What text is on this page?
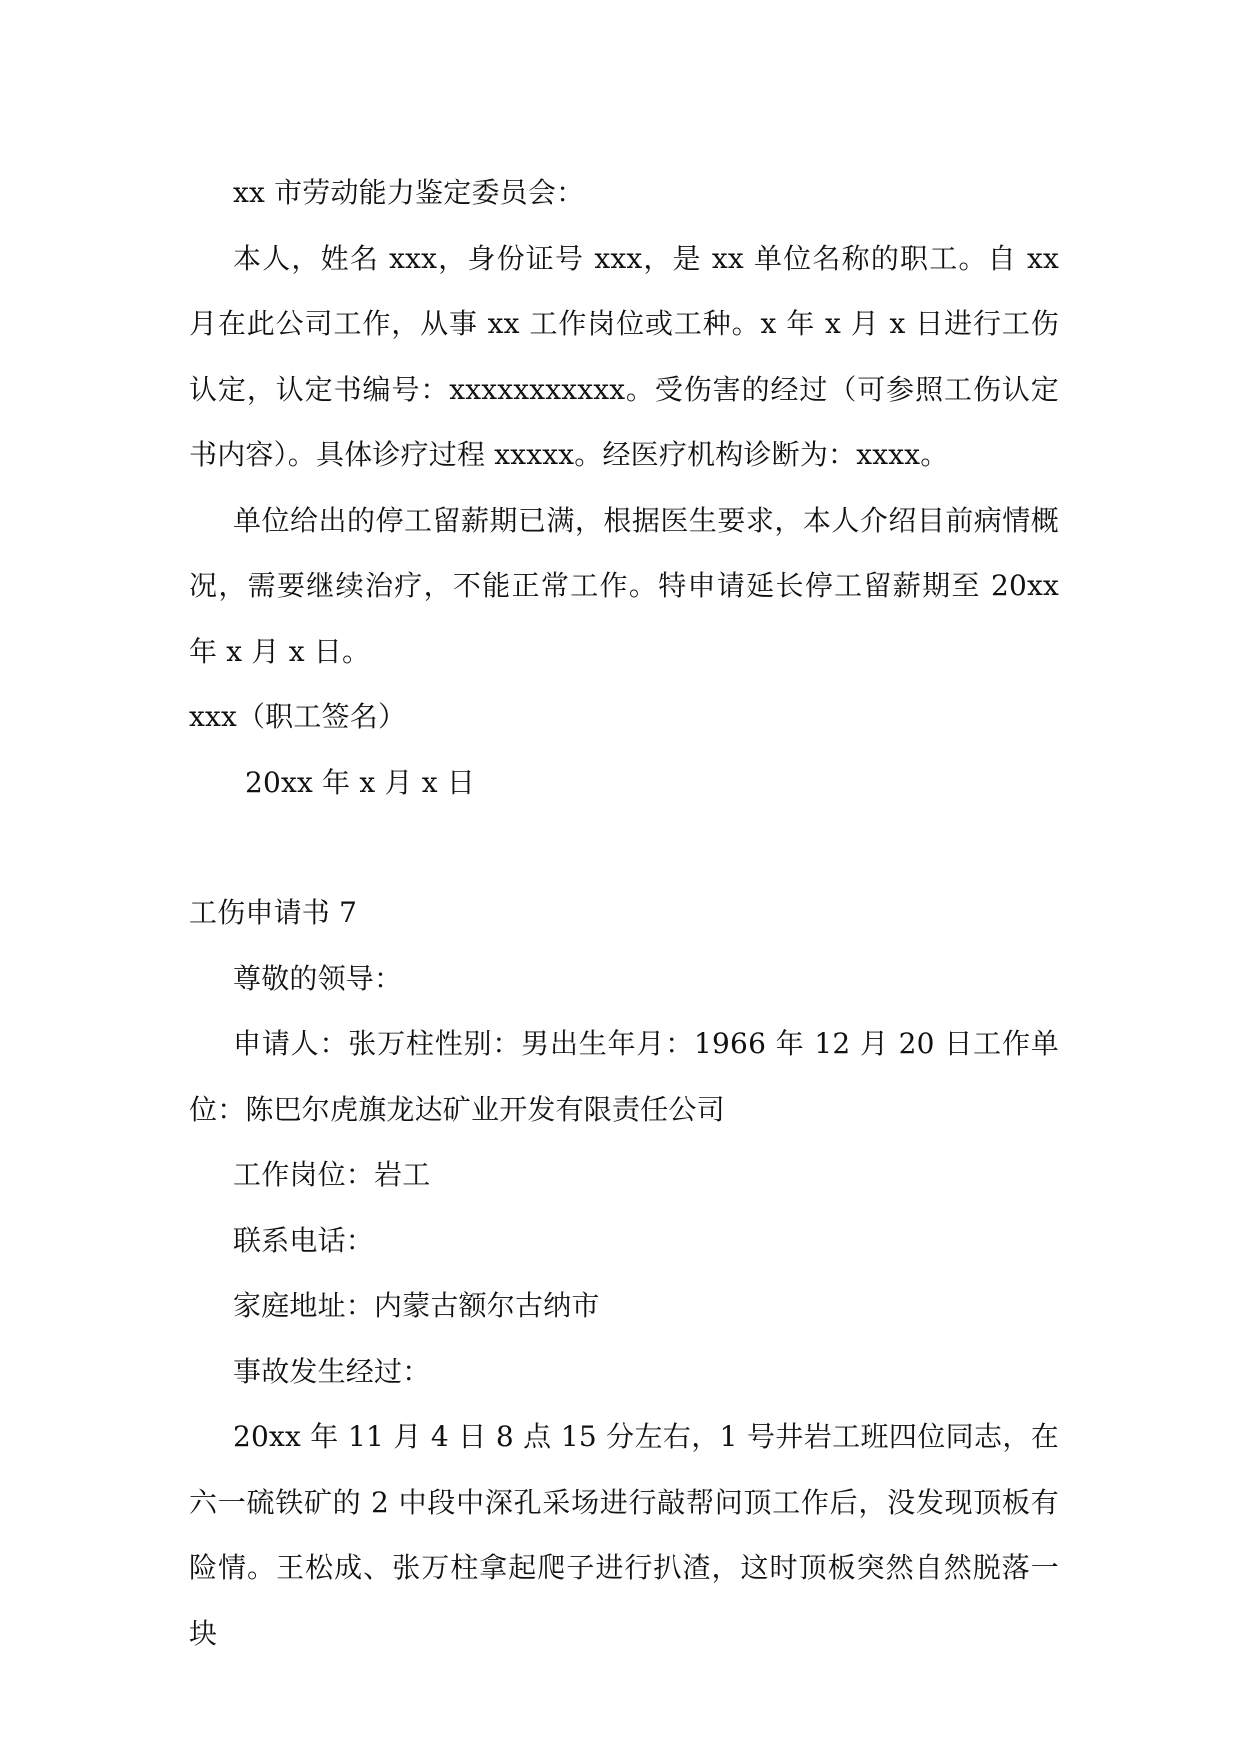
xx 市劳动能力鉴定委员会：

本人，姓名 xxx，身份证号 xxx，是 xx 单位名称的职工。自 xx 月在此公司工作，从事 xx 工作岗位或工种。x 年 x 月 x 日进行工伤认定，认定书编号：xxxxxxxxxxx。受伤害的经过（可参照工伤认定书内容）。具体诊疗过程 xxxxx。经医疗机构诊断为：xxxx。

单位给出的停工留薪期已满，根据医生要求，本人介绍目前病情概况，需要继续治疗，不能正常工作。特申请延长停工留薪期至 20xx 年 x 月 x 日。

xxx（职工签名）

20xx 年 x 月 x 日

工伤申请书 7

尊敬的领导：

申请人：张万柱性别：男出生年月：1966 年 12 月 20 日工作单位：陈巴尔虎旗龙达矿业开发有限责任公司

工作岗位：岩工

联系电话：

家庭地址：内蒙古额尔古纳市

事故发生经过：

20xx 年 11 月 4 日 8 点 15 分左右，1 号井岩工班四位同志，在六一硫铁矿的 2 中段中深孔采场进行敲帮问顶工作后，没发现顶板有险情。王松成、张万柱拿起爬子进行扒渣，这时顶板突然自然脱落一块
